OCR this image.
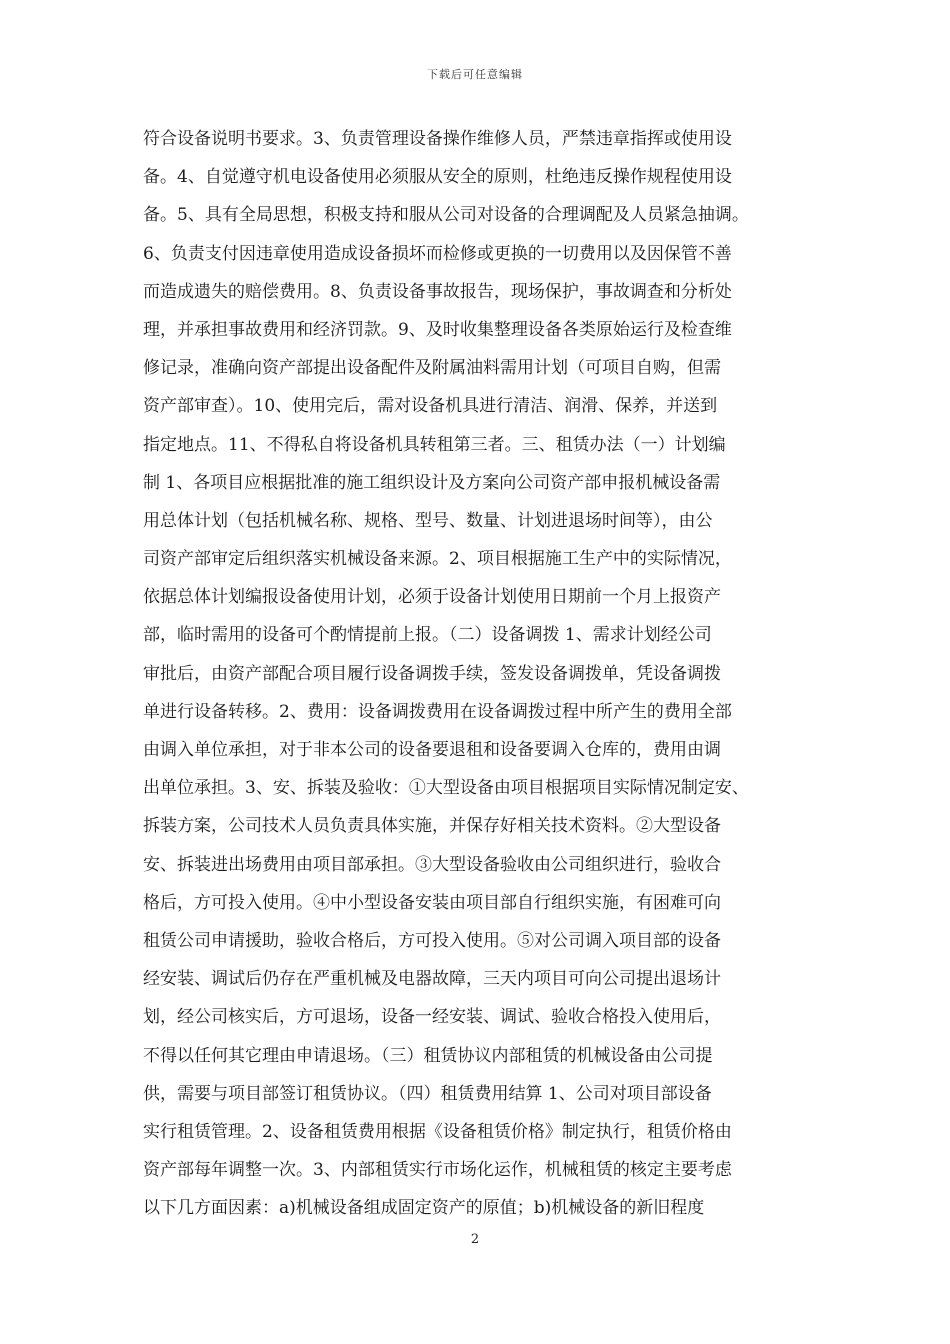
下载后可任意编辑
符合设备说明书要求。3、负责管理设备操作维修人员，严禁违章指挥或使用设
备。4、自觉遵守机电设备使用必须服从安全的原则，杜绝违反操作规程使用设
备。5、具有全局思想，积极支持和服从公司对设备的合理调配及人员紧急抽调。
6、负责支付因违章使用造成设备损坏而检修或更换的一切费用以及因保管不善
而造成遗失的赔偿费用。8、负责设备事故报告，现场保护，事故调查和分析处
理，并承担事故费用和经济罚款。9、及时收集整理设备各类原始运行及检查维
修记录，准确向资产部提出设备配件及附属油料需用计划（可项目自购，但需
资产部审查）。10、使用完后，需对设备机具进行清洁、润滑、保养，并送到
指定地点。11、不得私自将设备机具转租第三者。三、租赁办法（一）计划编
制 1、各项目应根据批准的施工组织设计及方案向公司资产部申报机械设备需
用总体计划（包括机械名称、规格、型号、数量、计划进退场时间等），由公
司资产部审定后组织落实机械设备来源。2、项目根据施工生产中的实际情况，
依据总体计划编报设备使用计划，必须于设备计划使用日期前一个月上报资产
部，临时需用的设备可个酌情提前上报。（二）设备调拨 1、需求计划经公司
审批后，由资产部配合项目履行设备调拨手续，签发设备调拨单，凭设备调拨
单进行设备转移。2、费用：设备调拨费用在设备调拨过程中所产生的费用全部
由调入单位承担，对于非本公司的设备要退租和设备要调入仓库的，费用由调
出单位承担。3、安、拆装及验收：①大型设备由项目根据项目实际情况制定安、
拆装方案，公司技术人员负责具体实施，并保存好相关技术资料。②大型设备
安、拆装进出场费用由项目部承担。③大型设备验收由公司组织进行，验收合
格后，方可投入使用。④中小型设备安装由项目部自行组织实施，有困难可向
租赁公司申请援助，验收合格后，方可投入使用。⑤对公司调入项目部的设备
经安装、调试后仍存在严重机械及电器故障，三天内项目可向公司提出退场计
划，经公司核实后，方可退场，设备一经安装、调试、验收合格投入使用后，
不得以任何其它理由申请退场。（三）租赁协议内部租赁的机械设备由公司提
供，需要与项目部签订租赁协议。（四）租赁费用结算 1、公司对项目部设备
实行租赁管理。2、设备租赁费用根据《设备租赁价格》制定执行，租赁价格由
资产部每年调整一次。3、内部租赁实行市场化运作，机械租赁的核定主要考虑
以下几方面因素：a)机械设备组成固定资产的原值；b)机械设备的新旧程度
2
